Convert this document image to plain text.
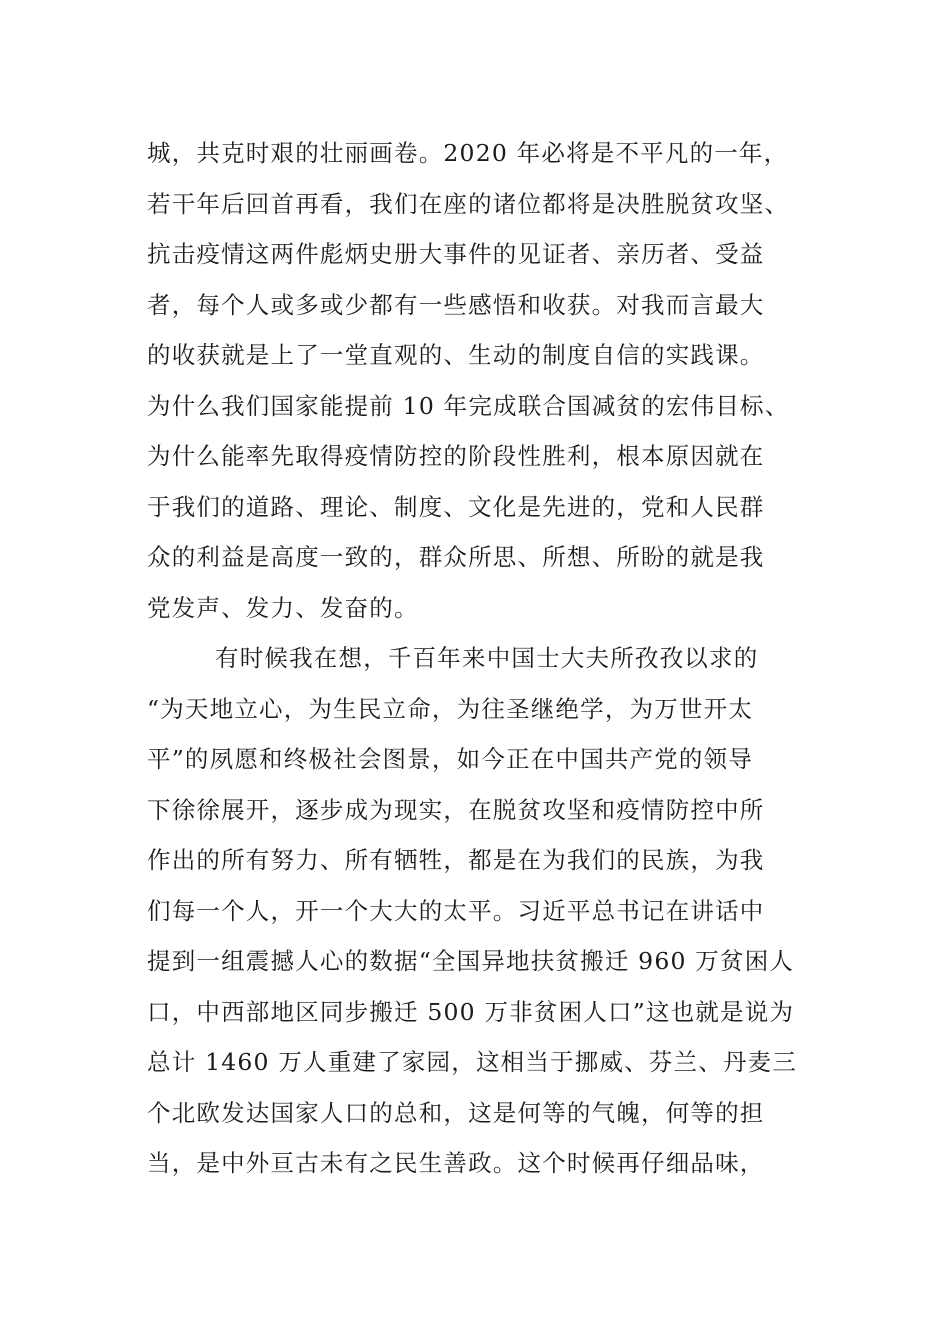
城，共克时艰的壮丽画卷。2020 年必将是不平凡的一年，
若干年后回首再看，我们在座的诸位都将是决胜脱贫攻坚、
抗击疫情这两件彪炳史册大事件的见证者、亲历者、受益
者，每个人或多或少都有一些感悟和收获。对我而言最大
的收获就是上了一堂直观的、生动的制度自信的实践课。
为什么我们国家能提前 10 年完成联合国减贫的宏伟目标、
为什么能率先取得疫情防控的阶段性胜利，根本原因就在
于我们的道路、理论、制度、文化是先进的，党和人民群
众的利益是高度一致的，群众所思、所想、所盼的就是我
党发声、发力、发奋的。
有时候我在想，千百年来中国士大夫所孜孜以求的
“为天地立心，为生民立命，为往圣继绝学，为万世开太
平”的夙愿和终极社会图景，如今正在中国共产党的领导
下徐徐展开，逐步成为现实，在脱贫攻坚和疫情防控中所
作出的所有努力、所有牺牲，都是在为我们的民族，为我
们每一个人，开一个大大的太平。习近平总书记在讲话中
提到一组震撼人心的数据“全国异地扶贫搬迁 960 万贫困人
口，中西部地区同步搬迁 500 万非贫困人口”这也就是说为
总计 1460 万人重建了家园，这相当于挪威、芬兰、丹麦三
个北欧发达国家人口的总和，这是何等的气魄，何等的担
当，是中外亘古未有之民生善政。这个时候再仔细品味，
